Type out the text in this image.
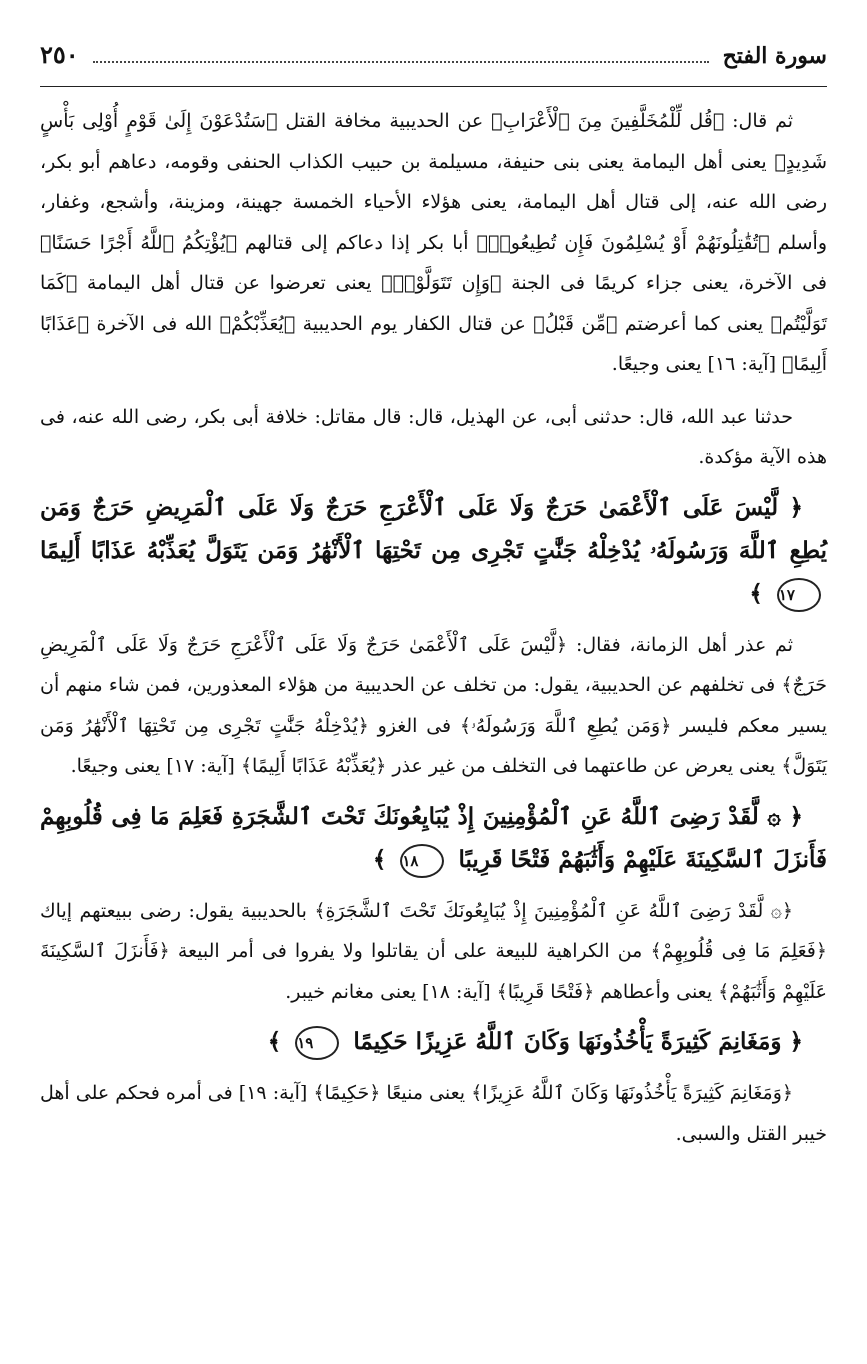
سورة الفتح
٢٥٠

ثم قال: ﴿قُل لِّلْمُخَلَّفِينَ مِنَ ٱلْأَعْرَابِ﴾ عن الحديبية مخافة القتل ﴿سَتُدْعَوْنَ إِلَىٰ قَوْمٍ أُوْلِى بَأْسٍ شَدِيدٍ﴾ يعنى أهل اليمامة يعنى بنى حنيفة، مسيلمة بن حبيب الكذاب الحنفى وقومه، دعاهم أبو بكر، رضى الله عنه، إلى قتال أهل اليمامة، يعنى هؤلاء الأحياء الخمسة جهينة، ومزينة، وأشجع، وغفار، وأسلم ﴿تُقَٰتِلُونَهُمْ أَوْ يُسْلِمُونَ فَإِن تُطِيعُوا۟﴾ أبا بكر إذا دعاكم إلى قتالهم ﴿يُؤْتِكُمُ ٱللَّهُ أَجْرًا حَسَنًا﴾ فى الآخرة، يعنى جزاء كريمًا فى الجنة ﴿وَإِن تَتَوَلَّوْا۟﴾ يعنى تعرضوا عن قتال أهل اليمامة ﴿كَمَا تَوَلَّيْتُم﴾ يعنى كما أعرضتم ﴿مِّن قَبْلُ﴾ عن قتال الكفار يوم الحديبية ﴿يُعَذِّبْكُمْ﴾ الله فى الآخرة ﴿عَذَابًا أَلِيمًا﴾ [آية: ١٦] يعنى وجيعًا.

حدثنا عبد الله، قال: حدثنى أبى، عن الهذيل، قال: قال مقاتل: خلافة أبى بكر، رضى الله عنه، فى هذه الآية مؤكدة.

﴿ لَّيْسَ عَلَى ٱلْأَعْمَىٰ حَرَجٌ وَلَا عَلَى ٱلْأَعْرَجِ حَرَجٌ وَلَا عَلَى ٱلْمَرِيضِ حَرَجٌ وَمَن يُطِعِ ٱللَّهَ وَرَسُولَهُۥ يُدْخِلْهُ جَنَّٰتٍ تَجْرِى مِن تَحْتِهَا ٱلْأَنْهَٰرُ وَمَن يَتَوَلَّ يُعَذِّبْهُ عَذَابًا أَلِيمًا ١٧ ﴾

ثم عذر أهل الزمانة، فقال: ﴿لَّيْسَ عَلَى ٱلْأَعْمَىٰ حَرَجٌ وَلَا عَلَى ٱلْأَعْرَجِ حَرَجٌ وَلَا عَلَى ٱلْمَرِيضِ حَرَجٌ﴾ فى تخلفهم عن الحديبية، يقول: من تخلف عن الحديبية من هؤلاء المعذورين، فمن شاء منهم أن يسير معكم فليسر ﴿وَمَن يُطِعِ ٱللَّهَ وَرَسُولَهُۥ﴾ فى الغزو ﴿يُدْخِلْهُ جَنَّٰتٍ تَجْرِى مِن تَحْتِهَا ٱلْأَنْهَٰرُ وَمَن يَتَوَلَّ﴾ يعنى يعرض عن طاعتهما فى التخلف من غير عذر ﴿يُعَذِّبْهُ عَذَابًا أَلِيمًا﴾ [آية: ١٧] يعنى وجيعًا.

﴿ ۞ لَّقَدْ رَضِىَ ٱللَّهُ عَنِ ٱلْمُؤْمِنِينَ إِذْ يُبَايِعُونَكَ تَحْتَ ٱلشَّجَرَةِ فَعَلِمَ مَا فِى قُلُوبِهِمْ فَأَنزَلَ ٱلسَّكِينَةَ عَلَيْهِمْ وَأَثَٰبَهُمْ فَتْحًا قَرِيبًا ١٨ ﴾

﴿۞ لَّقَدْ رَضِىَ ٱللَّهُ عَنِ ٱلْمُؤْمِنِينَ إِذْ يُبَايِعُونَكَ تَحْتَ ٱلشَّجَرَةِ﴾ بالحديبية يقول: رضى ببيعتهم إياك ﴿فَعَلِمَ مَا فِى قُلُوبِهِمْ﴾ من الكراهية للبيعة على أن يقاتلوا ولا يفروا فى أمر البيعة ﴿فَأَنزَلَ ٱلسَّكِينَةَ عَلَيْهِمْ وَأَثَٰبَهُمْ﴾ يعنى وأعطاهم ﴿فَتْحًا قَرِيبًا﴾ [آية: ١٨] يعنى مغانم خيبر.

﴿ وَمَغَانِمَ كَثِيرَةً يَأْخُذُونَهَا وَكَانَ ٱللَّهُ عَزِيزًا حَكِيمًا ١٩ ﴾

﴿وَمَغَانِمَ كَثِيرَةً يَأْخُذُونَهَا وَكَانَ ٱللَّهُ عَزِيزًا﴾ يعنى منيعًا ﴿حَكِيمًا﴾ [آية: ١٩] فى أمره فحكم على أهل خيبر القتل والسبى.
